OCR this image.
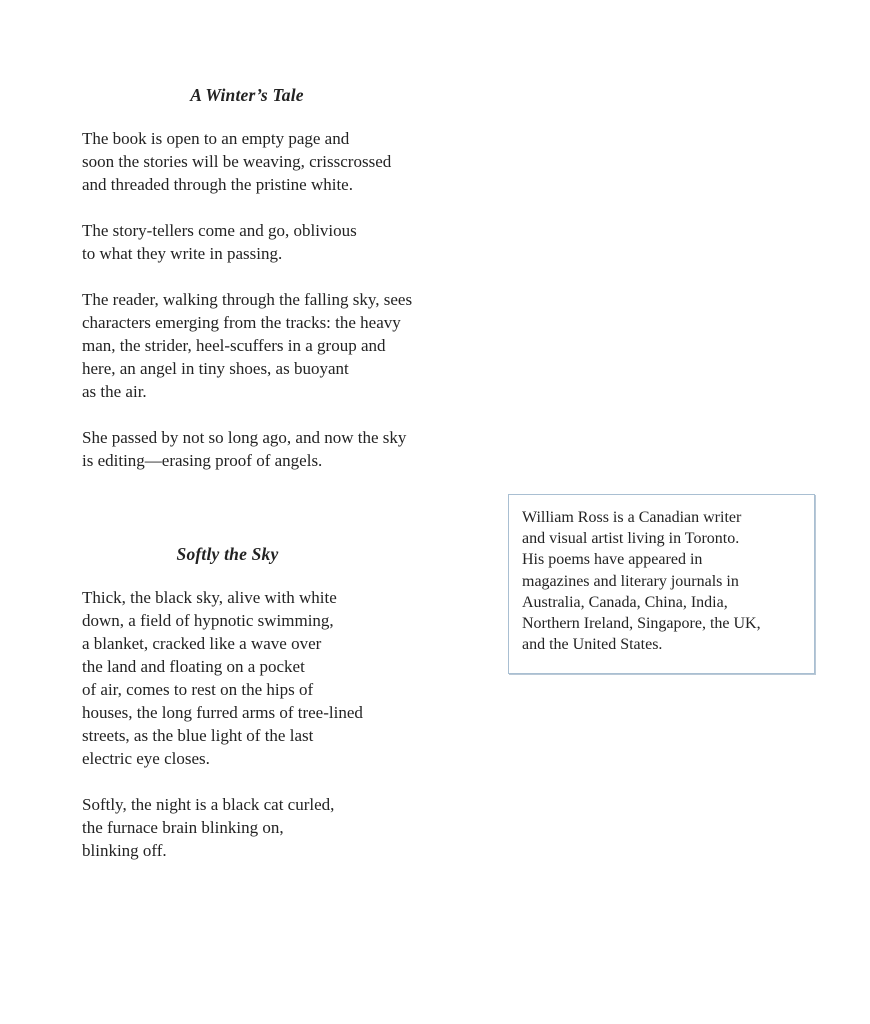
A Winter’s Tale

The book is open to an empty page and
soon the stories will be weaving, crisscrossed
and threaded through the pristine white.

The story-tellers come and go, oblivious
to what they write in passing.

The reader, walking through the falling sky, sees
characters emerging from the tracks: the heavy
man, the strider, heel-scuffers in a group and
here, an angel in tiny shoes, as buoyant
as the air.

She passed by not so long ago, and now the sky
is editing—erasing proof of angels.

Softly the Sky

Thick, the black sky, alive with white
down, a field of hypnotic swimming,
a blanket, cracked like a wave over
the land and floating on a pocket
of air, comes to rest on the hips of
houses, the long furred arms of tree-lined
streets, as the blue light of the last
electric eye closes.

Softly, the night is a black cat curled,
the furnace brain blinking on,
blinking off.

William Ross is a Canadian writer
and visual artist living in Toronto.
His poems have appeared in
magazines and literary journals in
Australia, Canada, China, India,
Northern Ireland, Singapore, the UK,
and the United States.
